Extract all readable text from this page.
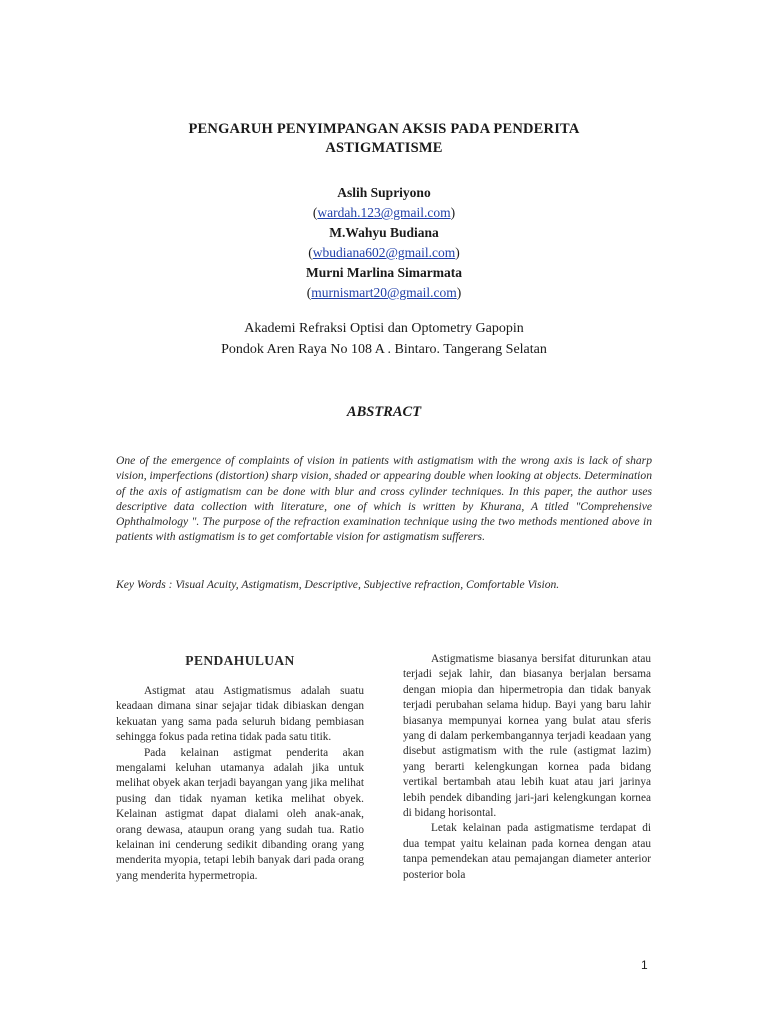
PENGARUH PENYIMPANGAN AKSIS PADA PENDERITA ASTIGMATISME
Aslih Supriyono
(wardah.123@gmail.com)
M.Wahyu Budiana
(wbudiana602@gmail.com)
Murni Marlina Simarmata
(murnismart20@gmail.com)
Akademi Refraksi Optisi dan Optometry Gapopin
Pondok Aren Raya No 108 A . Bintaro. Tangerang Selatan
ABSTRACT
One of the emergence of complaints of vision in patients with astigmatism with the wrong axis is lack of sharp vision, imperfections (distortion) sharp vision, shaded or appearing double when looking at objects. Determination of the axis of astigmatism can be done with blur and cross cylinder techniques. In this paper, the author uses descriptive data collection with literature, one of which is written by Khurana, A titled "Comprehensive Ophthalmology ". The purpose of the refraction examination technique using the two methods mentioned above in patients with astigmatism is to get comfortable vision for astigmatism sufferers.
Key Words : Visual Acuity, Astigmatism, Descriptive, Subjective refraction, Comfortable Vision.
PENDAHULUAN

Astigmat atau Astigmatismus adalah suatu keadaan dimana sinar sejajar tidak dibiaskan dengan kekuatan yang sama pada seluruh bidang pembiasan sehingga fokus pada retina tidak pada satu titik.

Pada kelainan astigmat penderita akan mengalami keluhan utamanya adalah jika untuk melihat obyek akan terjadi bayangan yang jika melihat pusing dan tidak nyaman ketika melihat obyek. Kelainan astigmat dapat dialami oleh anak-anak, orang dewasa, ataupun orang yang sudah tua. Ratio kelainan ini cenderung sedikit dibanding orang yang menderita myopia, tetapi lebih banyak dari pada orang yang menderita hypermetropia.

Astigmatisme biasanya bersifat diturunkan atau terjadi sejak lahir, dan biasanya berjalan bersama dengan miopia dan hipermetropia dan tidak banyak terjadi perubahan selama hidup. Bayi yang baru lahir biasanya mempunyai kornea yang bulat atau sferis yang di dalam perkembangannya terjadi keadaan yang disebut astigmatism with the rule (astigmat lazim) yang berarti kelengkungan kornea pada bidang vertikal bertambah atau lebih kuat atau jari jarinya lebih pendek dibanding jari-jari kelengkungan kornea di bidang horisontal.

Letak kelainan pada astigmatisme terdapat di dua tempat yaitu kelainan pada kornea dengan atau tanpa pemendekan atau pemajangan diameter anterior posterior bola

1
